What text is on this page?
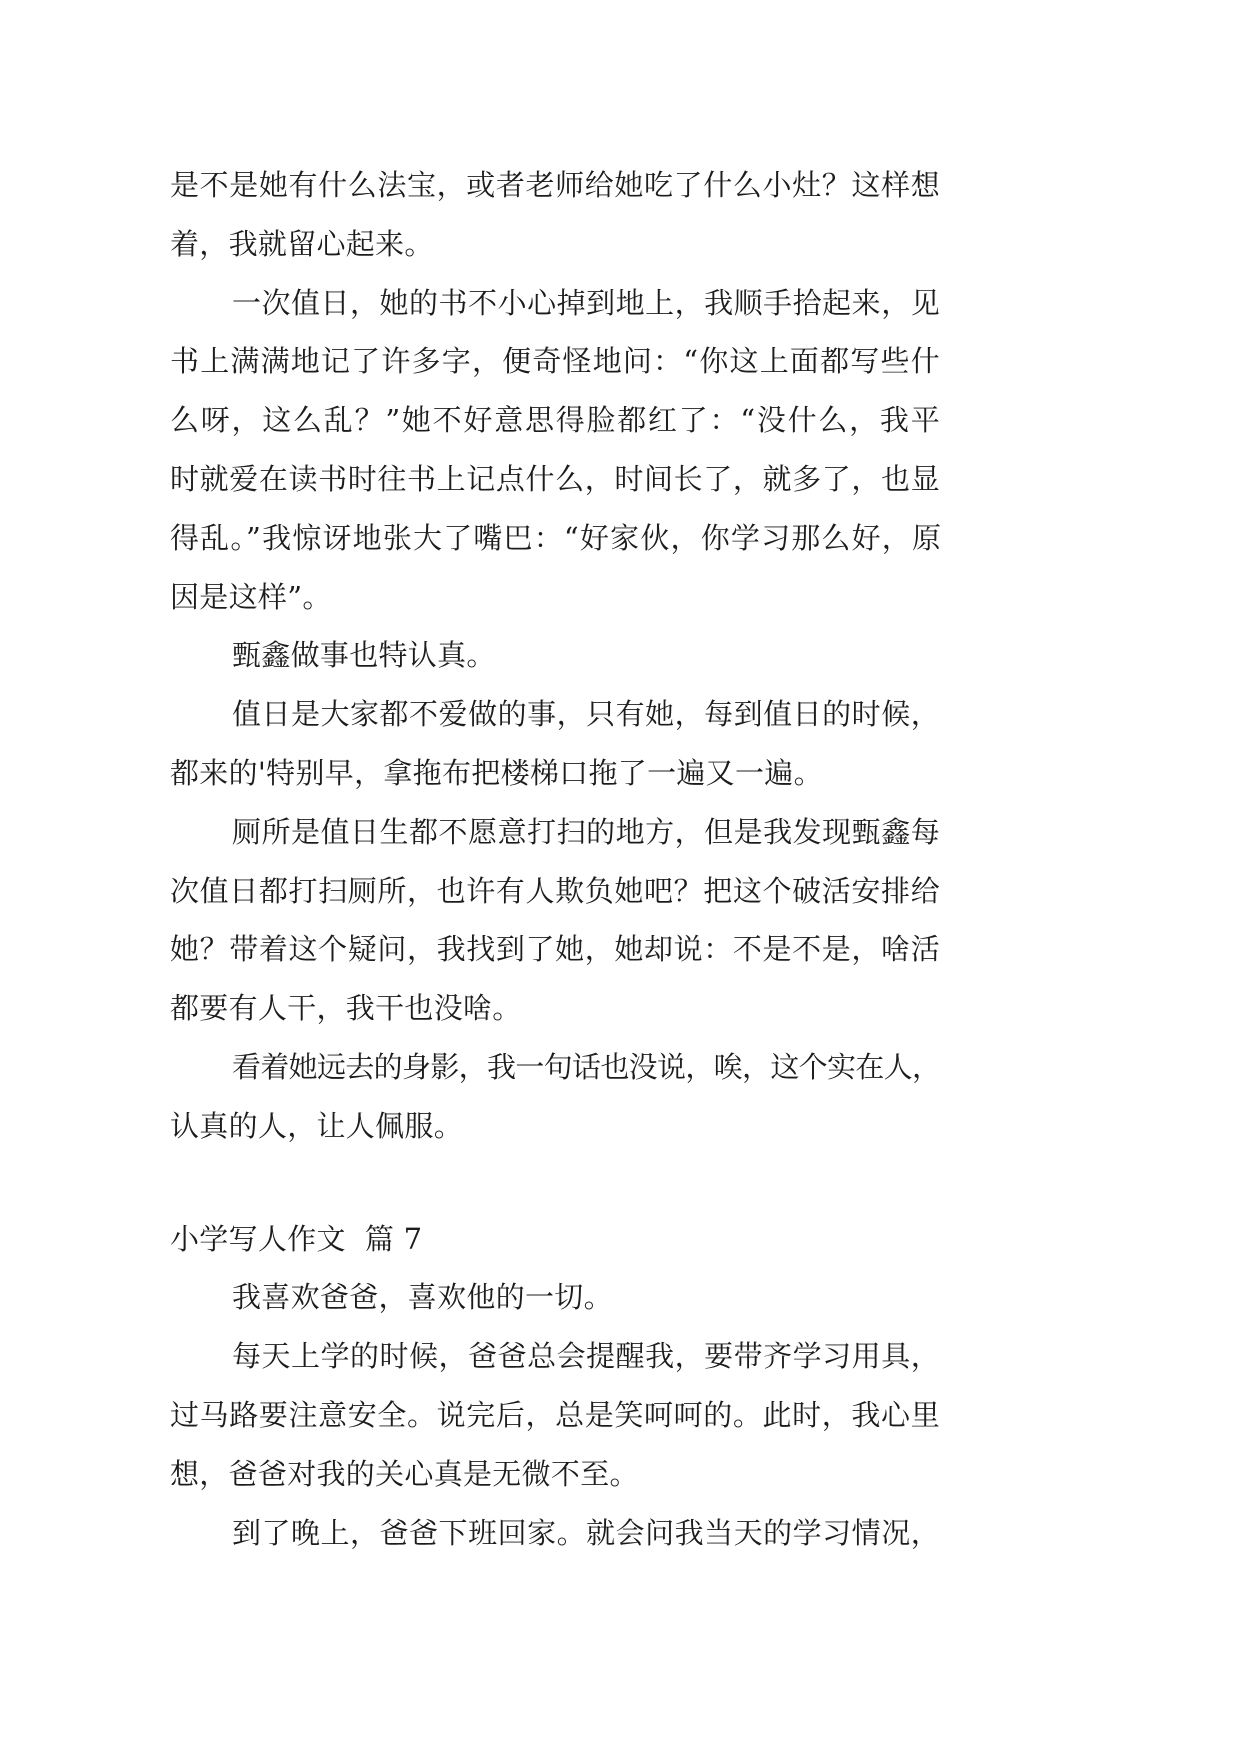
是不是她有什么法宝，或者老师给她吃了什么小灶？这样想
着，我就留心起来。
一次值日，她的书不小心掉到地上，我顺手拾起来，见
书上满满地记了许多字，便奇怪地问：“你这上面都写些什
么呀，这么乱？”她不好意思得脸都红了：“没什么，我平
时就爱在读书时往书上记点什么，时间长了，就多了，也显
得乱。”我惊讶地张大了嘴巴：“好家伙，你学习那么好，原
因是这样”。
甄鑫做事也特认真。
值日是大家都不爱做的事，只有她，每到值日的时候，
都来的'特别早，拿拖布把楼梯口拖了一遍又一遍。
厕所是值日生都不愿意打扫的地方，但是我发现甄鑫每
次值日都打扫厕所，也许有人欺负她吧？把这个破活安排给
她？带着这个疑问，我找到了她，她却说：不是不是，啥活
都要有人干，我干也没啥。
看着她远去的身影，我一句话也没说，唉，这个实在人，
认真的人，让人佩服。
小学写人作文  篇 7
我喜欢爸爸，喜欢他的一切。
每天上学的时候，爸爸总会提醒我，要带齐学习用具，
过马路要注意安全。说完后，总是笑呵呵的。此时，我心里
想，爸爸对我的关心真是无微不至。
到了晚上，爸爸下班回家。就会问我当天的学习情况，
